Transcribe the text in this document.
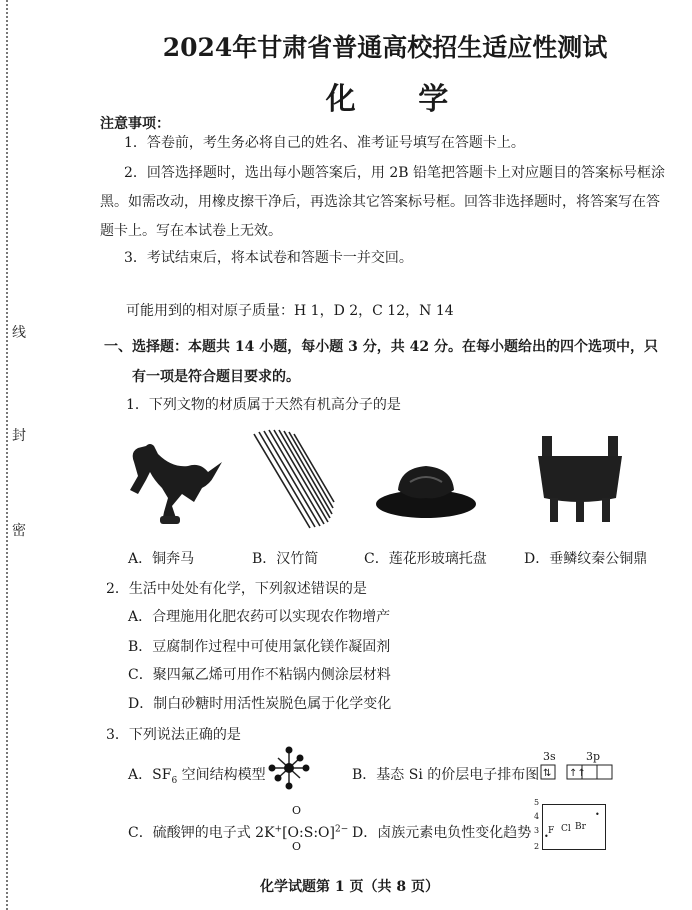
线
封
密
2024年甘肃省普通高校招生适应性测试
化 学
注意事项：
1．答卷前，考生务必将自己的姓名、准考证号填写在答题卡上。
2．回答选择题时，选出每小题答案后，用 2B 铅笔把答题卡上对应题目的答案标号框涂黑。如需改动，用橡皮擦干净后，再选涂其它答案标号框。回答非选择题时，将答案写在答题卡上。写在本试卷上无效。
3．考试结束后，将本试卷和答题卡一并交回。
可能用到的相对原子质量：H 1，D 2，C 12，N 14
一、 选择题：本题共 14 小题，每小题 3 分，共 42 分。在每小题给出的四个选项中，只
有一项是符合题目要求的。
1．下列文物的材质属于天然有机高分子的是
A．铜奔马	B．汉竹简	C．莲花形玻璃托盘	D．垂鳞纹秦公铜鼎
2．生活中处处有化学，下列叙述错误的是
A．合理施用化肥农药可以实现农作物增产
B．豆腐制作过程中可使用氯化镁作凝固剂
C．聚四氟乙烯可用作不粘锅内侧涂层材料
D．制白砂糖时用活性炭脱色属于化学变化
3．下列说法正确的是
A．$SF_6$ 空间结构模型	B．基态 Si 的价层电子排布图
3s	3p
⇅ ↑↑
C．硫酸钾的电子式 2K+[O:S:O]$^{2-}$
O
O
D．卤族元素电负性变化趋势
5
4
3
2
F Cl Br
•
•
化学试题第 1 页（共 8 页）
